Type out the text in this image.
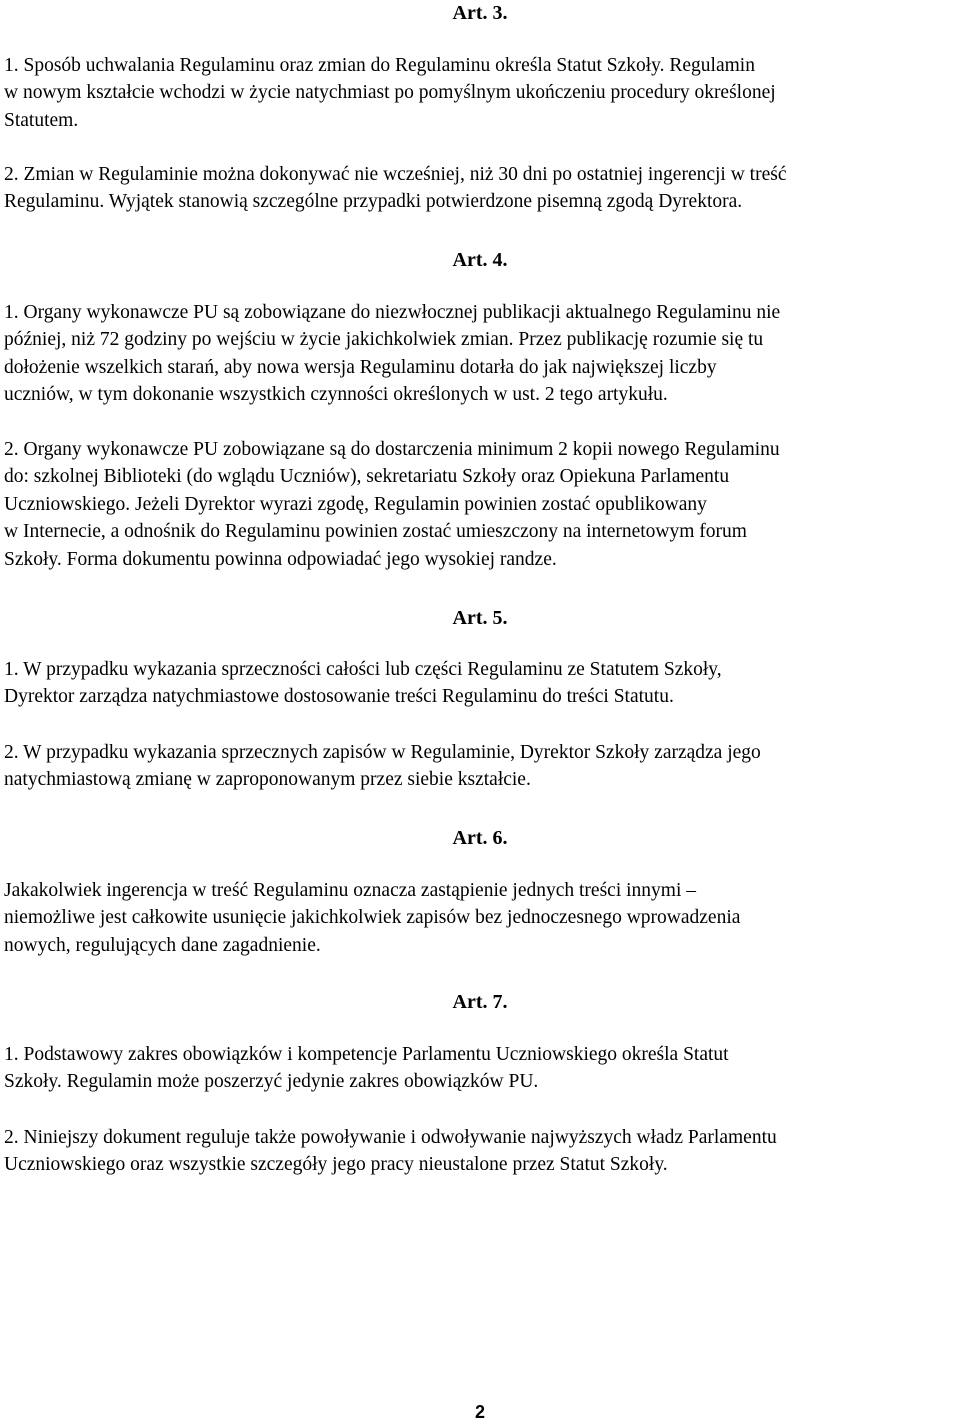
Art. 3.
1. Sposób uchwalania Regulaminu oraz zmian do Regulaminu określa Statut Szkoły. Regulamin
w nowym kształcie wchodzi w życie natychmiast po pomyślnym ukończeniu procedury określonej
Statutem.
2. Zmian w Regulaminie można dokonywać nie wcześniej, niż 30 dni po ostatniej ingerencji w treść
Regulaminu. Wyjątek stanowią szczególne przypadki potwierdzone pisemną zgodą Dyrektora.
Art. 4.
1. Organy wykonawcze PU są zobowiązane do niezwłocznej publikacji aktualnego Regulaminu nie
później, niż 72 godziny po wejściu w życie jakichkolwiek zmian. Przez publikację rozumie się tu
dołożenie wszelkich starań, aby nowa wersja Regulaminu dotarła do jak największej liczby
uczniów, w tym dokonanie wszystkich czynności określonych w ust. 2 tego artykułu.
2. Organy wykonawcze PU zobowiązane są do dostarczenia minimum 2 kopii nowego Regulaminu
do: szkolnej Biblioteki (do wglądu Uczniów), sekretariatu Szkoły oraz Opiekuna Parlamentu
Uczniowskiego. Jeżeli Dyrektor wyrazi zgodę, Regulamin powinien zostać opublikowany
w Internecie, a odnośnik do Regulaminu powinien zostać umieszczony na internetowym forum
Szkoły. Forma dokumentu powinna odpowiadać jego wysokiej randze.
Art. 5.
1. W przypadku wykazania sprzeczności całości lub części Regulaminu ze Statutem Szkoły,
Dyrektor zarządza natychmiastowe dostosowanie treści Regulaminu do treści Statutu.
2. W przypadku wykazania sprzecznych zapisów w Regulaminie, Dyrektor Szkoły zarządza jego
natychmiastową zmianę w zaproponowanym przez siebie kształcie.
Art. 6.
Jakakolwiek ingerencja w treść Regulaminu oznacza zastąpienie jednych treści innymi –
niemożliwe jest całkowite usunięcie jakichkolwiek zapisów bez jednoczesnego wprowadzenia
nowych, regulujących dane zagadnienie.
Art. 7.
1. Podstawowy zakres obowiązków i kompetencje Parlamentu Uczniowskiego określa Statut
Szkoły. Regulamin może poszerzyć jedynie zakres obowiązków PU.
2. Niniejszy dokument reguluje także powoływanie i odwoływanie najwyższych władz Parlamentu
Uczniowskiego oraz wszystkie szczegóły jego pracy nieustalone przez Statut Szkoły.
2
